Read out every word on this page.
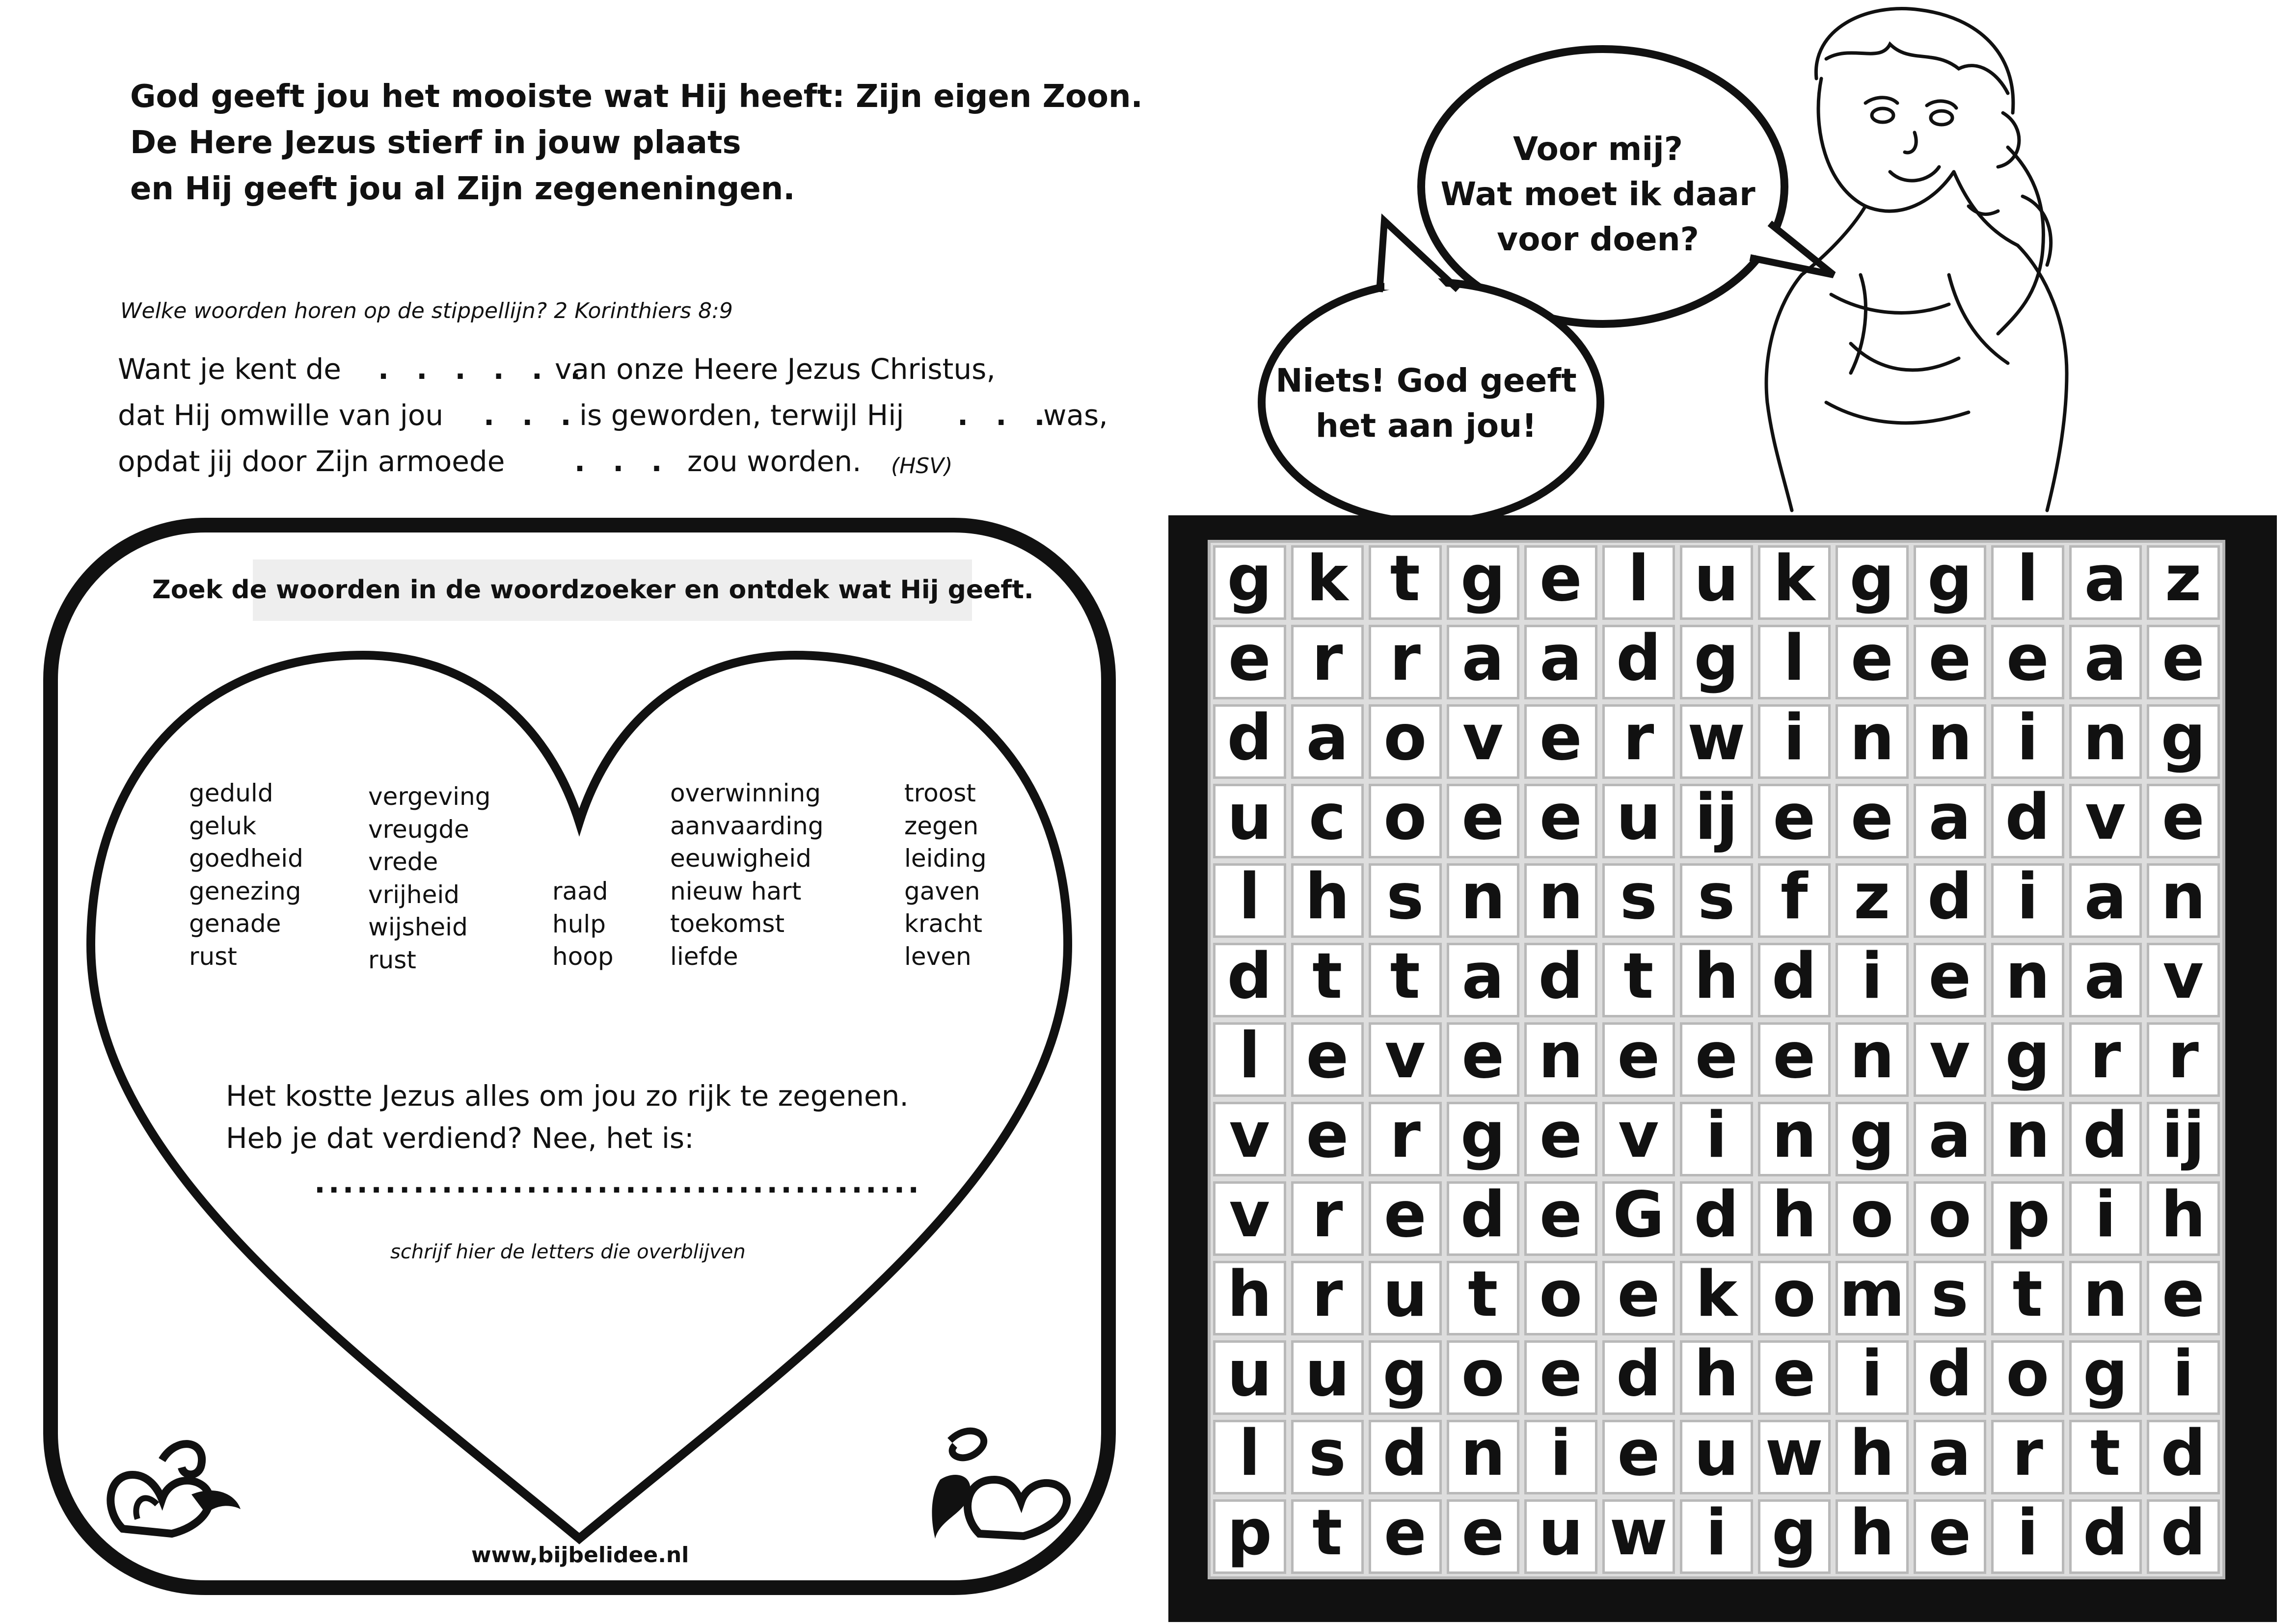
God geeft jou het mooiste wat Hij heeft: Zijn eigen Zoon.
De Here Jezus stierf in jouw plaats
en Hij geeft jou al Zijn zegeneningen.
Welke woorden horen op de stippellijn? 2 Korinthiers 8:9
Want je kent de . . . . . .
van onze Heere Jezus Christus,
dat Hij omwille van jou . . .
is geworden, terwijl Hij . . .
was,
opdat jij door Zijn armoede . . . zou worden. (HSV)
Zoek de woorden in de woordzoeker en ontdek wat Hij geeft.
geduld
geluk
goedheid
genezing
genade
rust
vergeving
vreugde
vrede
vrijheid
wijsheid
rust
raad
hulp
hoop
overwinning
aanvaarding
eeuwigheid
nieuw hart
toekomst
liefde
troost
zegen
leiding
gaven
kracht
leven
Het kostte Jezus alles om jou zo rijk te zegenen.
Heb je dat verdiend? Nee, het is:
...........................................
schrijf hier de letters die overblijven
www,bijbelidee.nl
Voor mij?
Wat moet ik daar
voor doen?
Niets! God geeft
het aan jou!
g k t g e l u k g g l a z
e r r a a d g l e e e a e
d a o v e r w i n n i n g
u c o e e u ij e e a d v e
l h s n n s s f z d i a n
d t t a d t h d i e n a v
l e v e n e e e n v g r r
v e r g e v i n g a n d ij
v r e d e G d h o o p i h
h r u t o e k o m s t n e
u u g o e d h e i d o g i
l s d n i e u w h a r t d
p t e e u w i g h e i d d
